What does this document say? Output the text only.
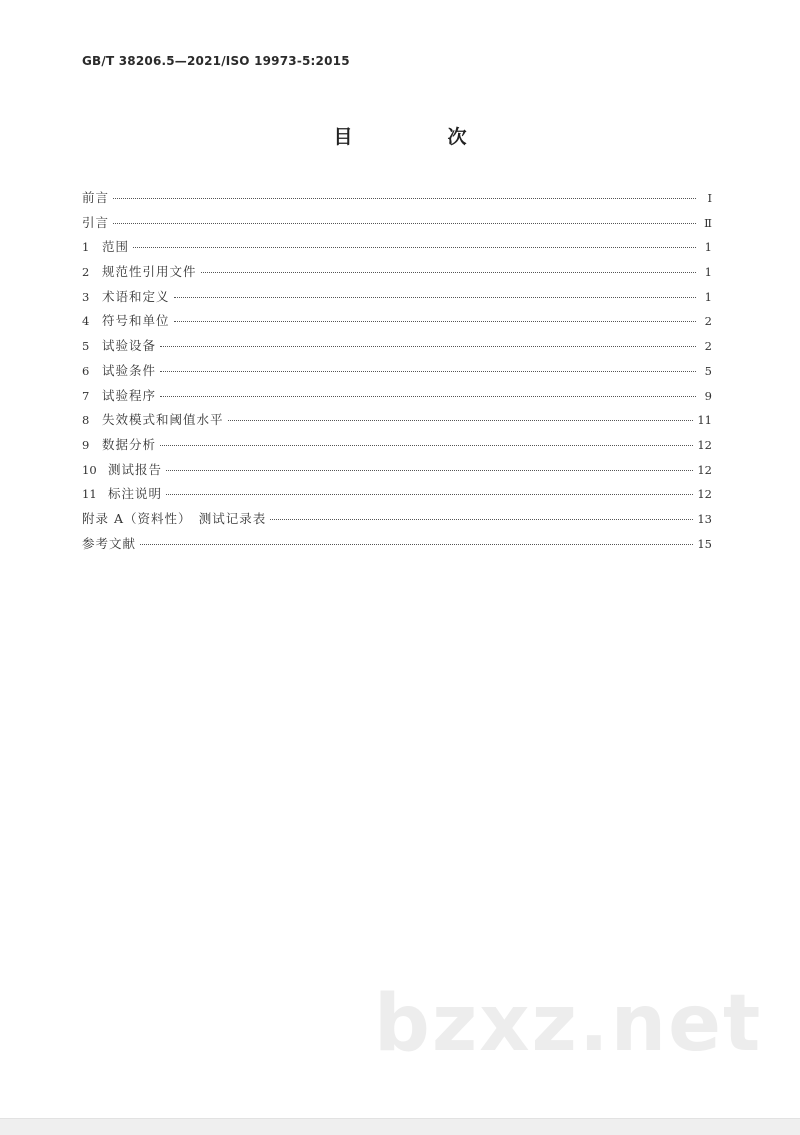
GB/T 38206.5—2021/ISO 19973-5:2015
目　次
前言	Ⅰ
引言	Ⅱ
1	范围	1
2	规范性引用文件	1
3	术语和定义	1
4	符号和单位	2
5	试验设备	2
6	试验条件	5
7	试验程序	9
8	失效模式和阈值水平	11
9	数据分析	12
10 测试报告	12
11 标注说明	12
附录 A（资料性）　测试记录表	13
参考文献	15
bzxz.net
